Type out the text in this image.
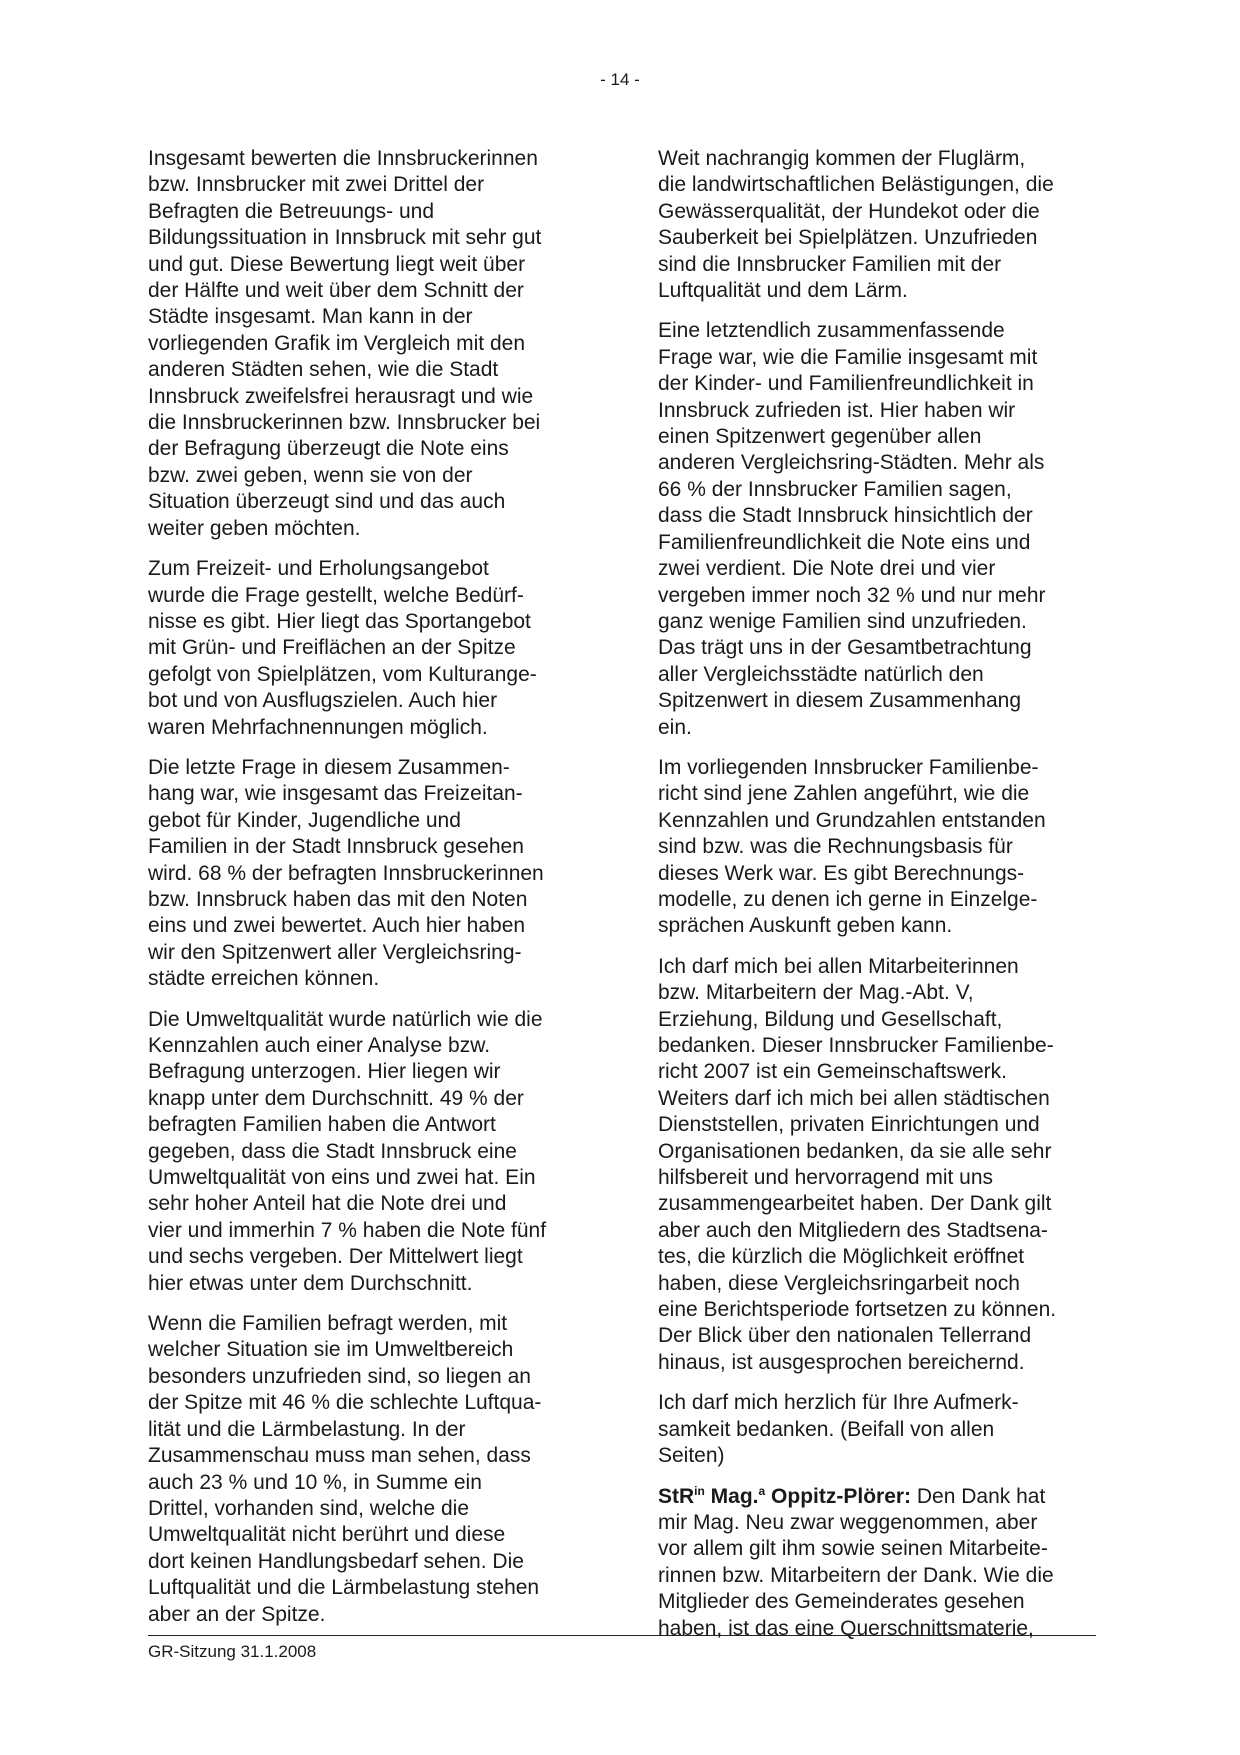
- 14 -

Insgesamt bewerten die Innsbruckerinnen
bzw. Innsbrucker mit zwei Drittel der
Befragten die Betreuungs- und
Bildungssituation in Innsbruck mit sehr gut
und gut. Diese Bewertung liegt weit über
der Hälfte und weit über dem Schnitt der
Städte insgesamt. Man kann in der
vorliegenden Grafik im Vergleich mit den
anderen Städten sehen, wie die Stadt
Innsbruck zweifelsfrei herausragt und wie
die Innsbruckerinnen bzw. Innsbrucker bei
der Befragung überzeugt die Note eins
bzw. zwei geben, wenn sie von der
Situation überzeugt sind und das auch
weiter geben möchten.

Zum Freizeit- und Erholungsangebot
wurde die Frage gestellt, welche Bedürf-
nisse es gibt. Hier liegt das Sportangebot
mit Grün- und Freiflächen an der Spitze
gefolgt von Spielplätzen, vom Kulturange-
bot und von Ausflugszielen. Auch hier
waren Mehrfachnennungen möglich.

Die letzte Frage in diesem Zusammen-
hang war, wie insgesamt das Freizeitan-
gebot für Kinder, Jugendliche und
Familien in der Stadt Innsbruck gesehen
wird. 68 % der befragten Innsbruckerinnen
bzw. Innsbruck haben das mit den Noten
eins und zwei bewertet. Auch hier haben
wir den Spitzenwert aller Vergleichsring-
städte erreichen können.

Die Umweltqualität wurde natürlich wie die
Kennzahlen auch einer Analyse bzw.
Befragung unterzogen. Hier liegen wir
knapp unter dem Durchschnitt. 49 % der
befragten Familien haben die Antwort
gegeben, dass die Stadt Innsbruck eine
Umweltqualität von eins und zwei hat. Ein
sehr hoher Anteil hat die Note drei und
vier und immerhin 7 % haben die Note fünf
und sechs vergeben. Der Mittelwert liegt
hier etwas unter dem Durchschnitt.

Wenn die Familien befragt werden, mit
welcher Situation sie im Umweltbereich
besonders unzufrieden sind, so liegen an
der Spitze mit 46 % die schlechte Luftqua-
lität und die Lärmbelastung. In der
Zusammenschau muss man sehen, dass
auch 23 % und 10 %, in Summe ein
Drittel, vorhanden sind, welche die
Umweltqualität nicht berührt und diese
dort keinen Handlungsbedarf sehen. Die
Luftqualität und die Lärmbelastung stehen
aber an der Spitze.

Weit nachrangig kommen der Fluglärm,
die landwirtschaftlichen Belästigungen, die
Gewässerqualität, der Hundekot oder die
Sauberkeit bei Spielplätzen. Unzufrieden
sind die Innsbrucker Familien mit der
Luftqualität und dem Lärm.

Eine letztendlich zusammenfassende
Frage war, wie die Familie insgesamt mit
der Kinder- und Familienfreundlichkeit in
Innsbruck zufrieden ist. Hier haben wir
einen Spitzenwert gegenüber allen
anderen Vergleichsring-Städten. Mehr als
66 % der Innsbrucker Familien sagen,
dass die Stadt Innsbruck hinsichtlich der
Familienfreundlichkeit die Note eins und
zwei verdient. Die Note drei und vier
vergeben immer noch 32 % und nur mehr
ganz wenige Familien sind unzufrieden.
Das trägt uns in der Gesamtbetrachtung
aller Vergleichsstädte natürlich den
Spitzenwert in diesem Zusammenhang
ein.

Im vorliegenden Innsbrucker Familienbe-
richt sind jene Zahlen angeführt, wie die
Kennzahlen und Grundzahlen entstanden
sind bzw. was die Rechnungsbasis für
dieses Werk war. Es gibt Berechnungs-
modelle, zu denen ich gerne in Einzelge-
sprächen Auskunft geben kann.

Ich darf mich bei allen Mitarbeiterinnen
bzw. Mitarbeitern der Mag.-Abt. V,
Erziehung, Bildung und Gesellschaft,
bedanken. Dieser Innsbrucker Familienbe-
richt 2007 ist ein Gemeinschaftswerk.
Weiters darf ich mich bei allen städtischen
Dienststellen, privaten Einrichtungen und
Organisationen bedanken, da sie alle sehr
hilfsbereit und hervorragend mit uns
zusammengearbeitet haben. Der Dank gilt
aber auch den Mitgliedern des Stadtsena-
tes, die kürzlich die Möglichkeit eröffnet
haben, diese Vergleichsringarbeit noch
eine Berichtsperiode fortsetzen zu können.
Der Blick über den nationalen Tellerrand
hinaus, ist ausgesprochen bereichernd.

Ich darf mich herzlich für Ihre Aufmerk-
samkeit bedanken. (Beifall von allen
Seiten)

StR$^{in}$ Mag.$^a$ Oppitz-Plörer: Den Dank hat
mir Mag. Neu zwar weggenommen, aber
vor allem gilt ihm sowie seinen Mitarbeite-
rinnen bzw. Mitarbeitern der Dank. Wie die
Mitglieder des Gemeinderates gesehen
haben, ist das eine Querschnittsmaterie,

GR-Sitzung 31.1.2008
